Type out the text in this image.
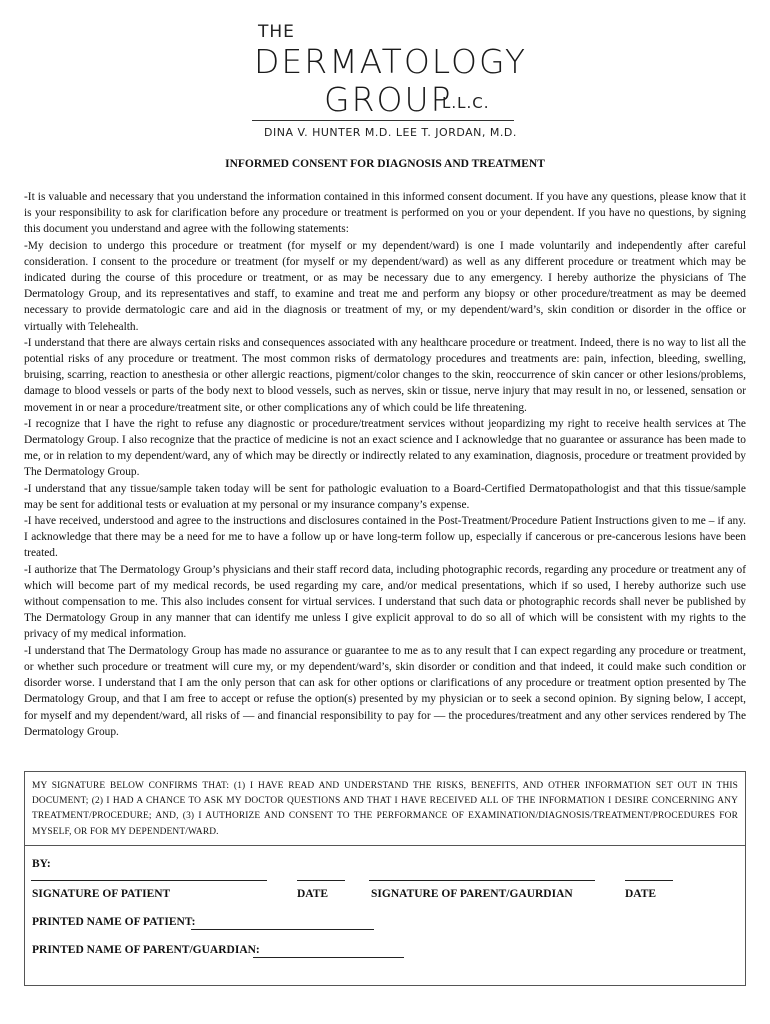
THE
DERMATOLOGY
GROUP
L.L.C.
DINA V. HUNTER M.D. LEE T. JORDAN, M.D.
INFORMED CONSENT FOR DIAGNOSIS AND TREATMENT

-It is valuable and necessary that you understand the information contained in this informed consent document. If you have any questions, please know that it is your responsibility to ask for clarification before any procedure or treatment is performed on you or your dependent. If you have no questions, by signing this document you understand and agree with the following statements:

-My decision to undergo this procedure or treatment (for myself or my dependent/ward) is one I made voluntarily and independently after careful consideration. I consent to the procedure or treatment (for myself or my dependent/ward) as well as any different procedure or treatment which may be indicated during the course of this procedure or treatment, or as may be necessary due to any emergency. I hereby authorize the physicians of The Dermatology Group, and its representatives and staff, to examine and treat me and perform any biopsy or other procedure/treatment as may be deemed necessary to provide dermatologic care and aid in the diagnosis or treatment of my, or my dependent/ward’s, skin condition or disorder in the office or virtually with Telehealth.

-I understand that there are always certain risks and consequences associated with any healthcare procedure or treatment. Indeed, there is no way to list all the potential risks of any procedure or treatment. The most common risks of dermatology procedures and treatments are: pain, infection, bleeding, swelling, bruising, scarring, reaction to anesthesia or other allergic reactions, pigment/color changes to the skin, reoccurrence of skin cancer or other lesions/problems, damage to blood vessels or parts of the body next to blood vessels, such as nerves, skin or tissue, nerve injury that may result in no, or lessened, sensation or movement in or near a procedure/treatment site, or other complications any of which could be life threatening.

-I recognize that I have the right to refuse any diagnostic or procedure/treatment services without jeopardizing my right to receive health services at The Dermatology Group. I also recognize that the practice of medicine is not an exact science and I acknowledge that no guarantee or assurance has been made to me, or in relation to my dependent/ward, any of which may be directly or indirectly related to any examination, diagnosis, procedure or treatment provided by The Dermatology Group.

-I understand that any tissue/sample taken today will be sent for pathologic evaluation to a Board-Certified Dermatopathologist and that this tissue/sample may be sent for additional tests or evaluation at my personal or my insurance company’s expense.

-I have received, understood and agree to the instructions and disclosures contained in the Post-Treatment/Procedure Patient Instructions given to me – if any. I acknowledge that there may be a need for me to have a follow up or have long-term follow up, especially if cancerous or pre-cancerous lesions have been treated.

-I authorize that The Dermatology Group’s physicians and their staff record data, including photographic records, regarding any procedure or treatment any of which will become part of my medical records, be used regarding my care, and/or medical presentations, which if so used, I hereby authorize such use without compensation to me. This also includes consent for virtual services. I understand that such data or photographic records shall never be published by The Dermatology Group in any manner that can identify me unless I give explicit approval to do so all of which will be consistent with my rights to the privacy of my medical information.

-I understand that The Dermatology Group has made no assurance or guarantee to me as to any result that I can expect regarding any procedure or treatment, or whether such procedure or treatment will cure my, or my dependent/ward’s, skin disorder or condition and that indeed, it could make such condition or disorder worse. I understand that I am the only person that can ask for other options or clarifications of any procedure or treatment option presented by The Dermatology Group, and that I am free to accept or refuse the option(s) presented by my physician or to seek a second opinion. By signing below, I accept, for myself and my dependent/ward, all risks of — and financial responsibility to pay for — the procedures/treatment and any other services rendered by The Dermatology Group.

MY SIGNATURE BELOW CONFIRMS THAT: (1) I HAVE READ AND UNDERSTAND THE RISKS, BENEFITS, AND OTHER INFORMATION SET OUT IN THIS DOCUMENT; (2) I HAD A CHANCE TO ASK MY DOCTOR QUESTIONS AND THAT I HAVE RECEIVED ALL OF THE INFORMATION I DESIRE CONCERNING ANY TREATMENT/PROCEDURE; AND, (3) I AUTHORIZE AND CONSENT TO THE PERFORMANCE OF EXAMINATION/DIAGNOSIS/TREATMENT/PROCEDURES FOR MYSELF, OR FOR MY DEPENDENT/WARD.
BY:
SIGNATURE OF PATIENT	DATE	SIGNATURE OF PARENT/GAURDIAN	DATE
PRINTED NAME OF PATIENT:
PRINTED NAME OF PARENT/GUARDIAN:
